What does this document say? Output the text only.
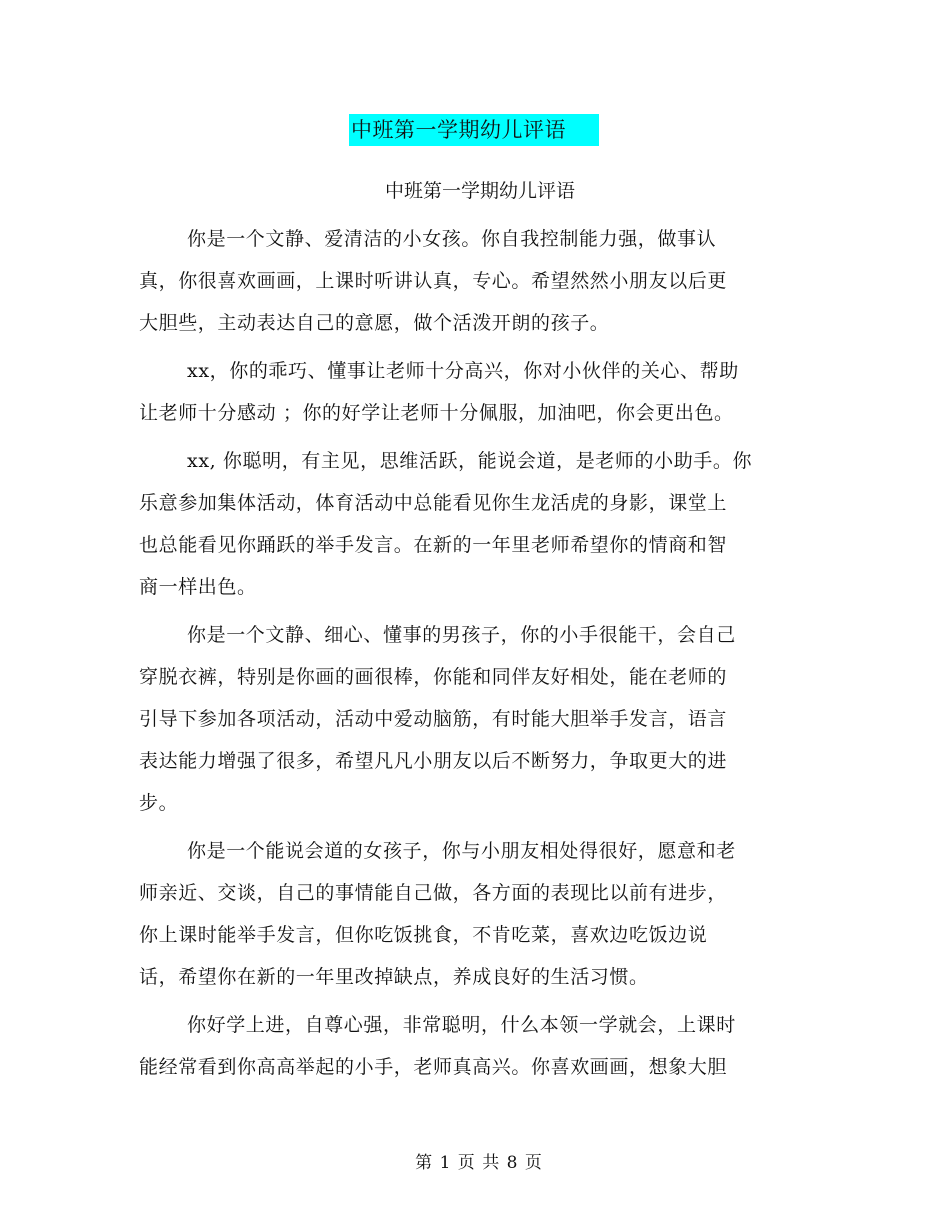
中班第一学期幼儿评语
中班第一学期幼儿评语
你是一个文静、爱清洁的小女孩。你自我控制能力强，做事认
真，你很喜欢画画，上课时听讲认真，专心。希望然然小朋友以后更
大胆些，主动表达自己的意愿，做个活泼开朗的孩子。
xx，你的乖巧、懂事让老师十分高兴，你对小伙伴的关心、帮助
让老师十分感动 ；你的好学让老师十分佩服，加油吧，你会更出色。
xx, 你聪明，有主见，思维活跃，能说会道，是老师的小助手。你
乐意参加集体活动，体育活动中总能看见你生龙活虎的身影，课堂上
也总能看见你踊跃的举手发言。在新的一年里老师希望你的情商和智
商一样出色。
你是一个文静、细心、懂事的男孩子，你的小手很能干，会自己
穿脱衣裤，特别是你画的画很棒，你能和同伴友好相处，能在老师的
引导下参加各项活动，活动中爱动脑筋，有时能大胆举手发言，语言
表达能力增强了很多，希望凡凡小朋友以后不断努力，争取更大的进
步。
你是一个能说会道的女孩子，你与小朋友相处得很好，愿意和老
师亲近、交谈，自己的事情能自己做，各方面的表现比以前有进步，
你上课时能举手发言，但你吃饭挑食，不肯吃菜，喜欢边吃饭边说
话，希望你在新的一年里改掉缺点，养成良好的生活习惯。
你好学上进，自尊心强，非常聪明，什么本领一学就会，上课时
能经常看到你高高举起的小手，老师真高兴。你喜欢画画，想象大胆
第 1 页 共 8 页
